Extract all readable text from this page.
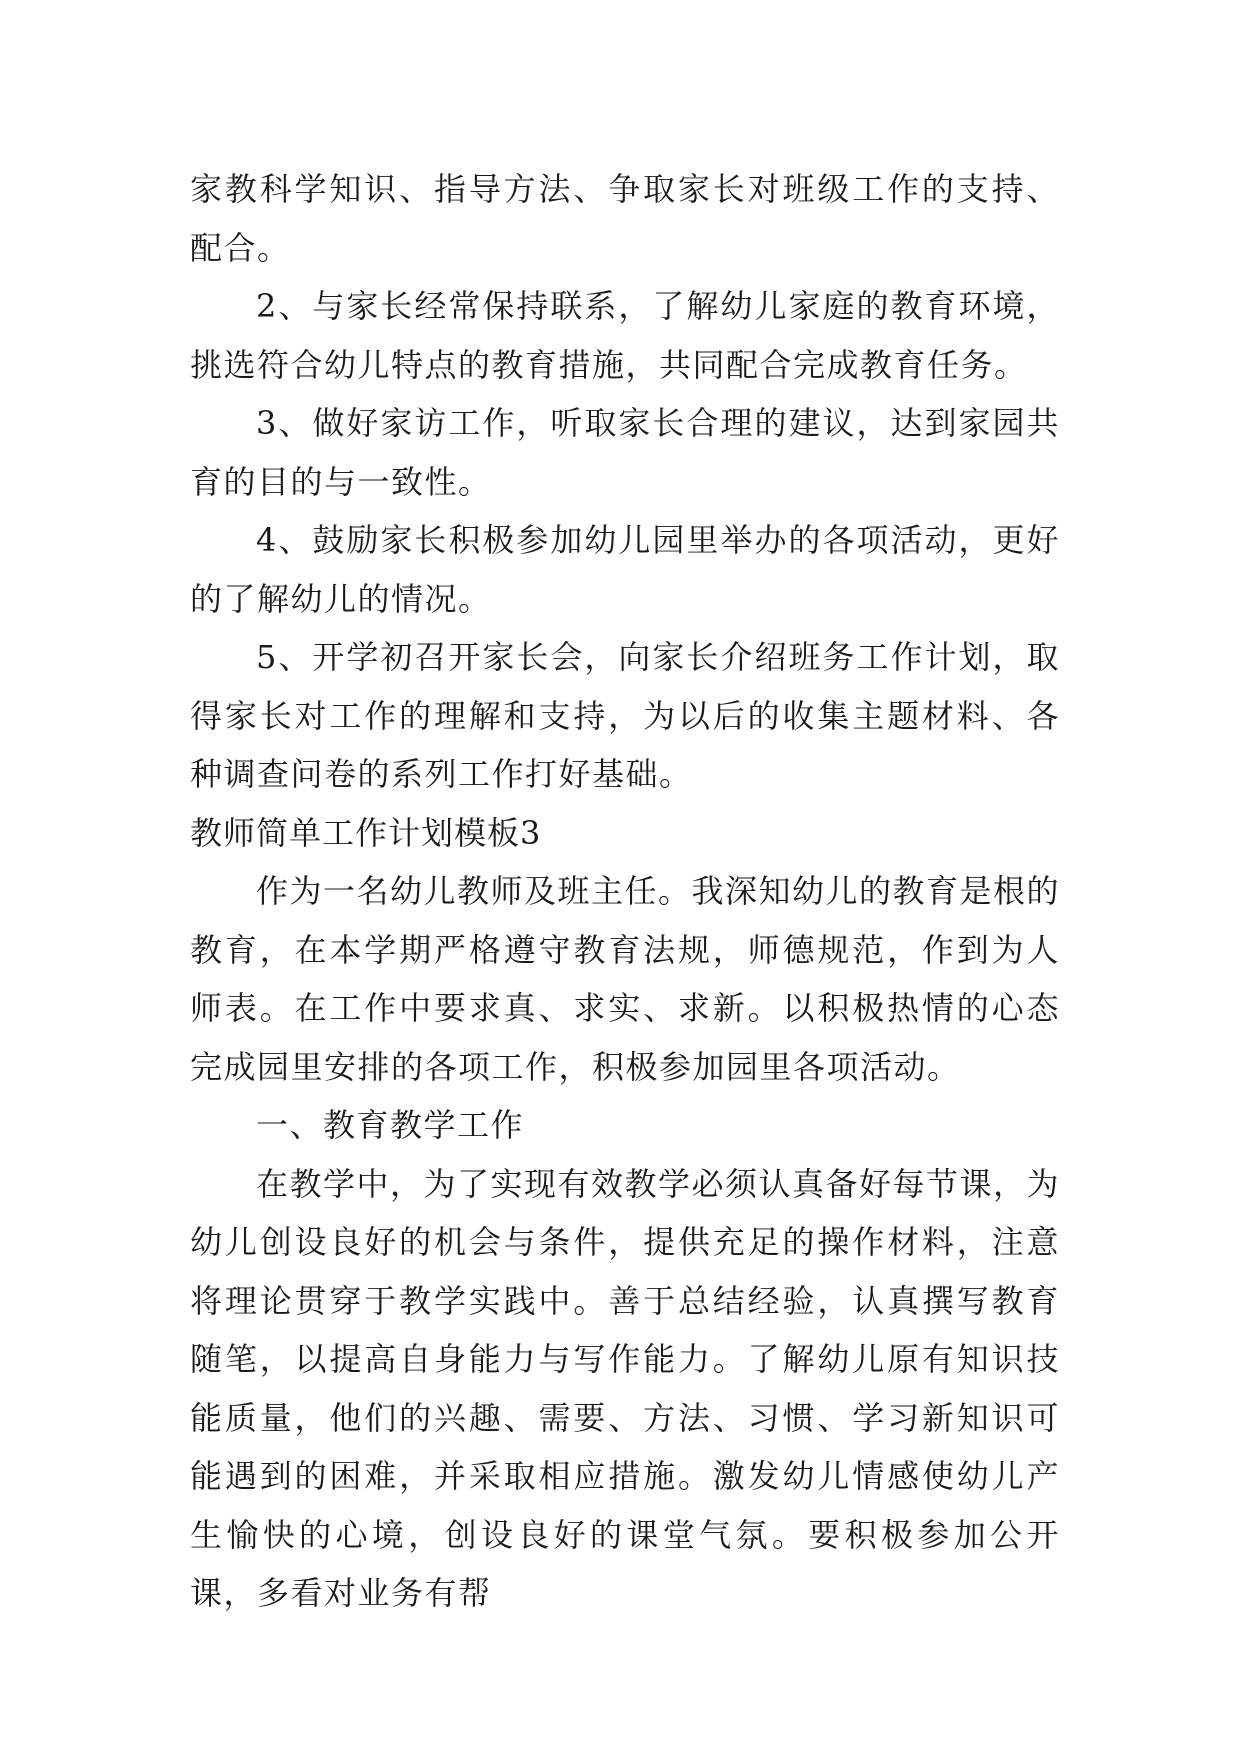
家教科学知识、指导方法、争取家长对班级工作的支持、配合。

2、与家长经常保持联系，了解幼儿家庭的教育环境，挑选符合幼儿特点的教育措施，共同配合完成教育任务。

3、做好家访工作，听取家长合理的建议，达到家园共育的目的与一致性。

4、鼓励家长积极参加幼儿园里举办的各项活动，更好的了解幼儿的情况。

5、开学初召开家长会，向家长介绍班务工作计划，取得家长对工作的理解和支持，为以后的收集主题材料、各种调查问卷的系列工作打好基础。

教师简单工作计划模板3

作为一名幼儿教师及班主任。我深知幼儿的教育是根的教育，在本学期严格遵守教育法规，师德规范，作到为人师表。在工作中要求真、求实、求新。以积极热情的心态完成园里安排的各项工作，积极参加园里各项活动。

一、教育教学工作

在教学中，为了实现有效教学必须认真备好每节课，为幼儿创设良好的机会与条件，提供充足的操作材料，注意将理论贯穿于教学实践中。善于总结经验，认真撰写教育随笔，以提高自身能力与写作能力。了解幼儿原有知识技能质量，他们的兴趣、需要、方法、习惯、学习新知识可能遇到的困难，并采取相应措施。激发幼儿情感使幼儿产生愉快的心境，创设良好的课堂气氛。要积极参加公开课，多看对业务有帮
